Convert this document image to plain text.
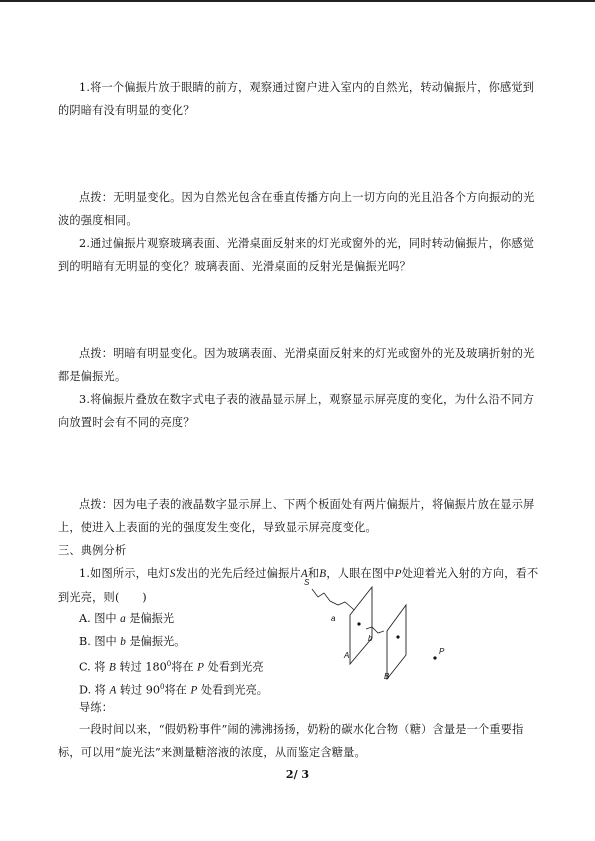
1.将一个偏振片放于眼睛的前方，观察通过窗户进入室内的自然光，转动偏振片，你感觉到的阴暗有没有明显的变化？
点拨：无明显变化。因为自然光包含在垂直传播方向上一切方向的光且沿各个方向振动的光波的强度相同。
2.通过偏振片观察玻璃表面、光滑桌面反射来的灯光或窗外的光，同时转动偏振片，你感觉到的明暗有无明显的变化？玻璃表面、光滑桌面的反射光是偏振光吗？
点拨：明暗有明显变化。因为玻璃表面、光滑桌面反射来的灯光或窗外的光及玻璃折射的光都是偏振光。
3.将偏振片叠放在数字式电子表的液晶显示屏上，观察显示屏亮度的变化，为什么沿不同方向放置时会有不同的亮度？
点拨：因为电子表的液晶数字显示屏上、下两个板面处有两片偏振片，将偏振片放在显示屏上，使进入上表面的光的强度发生变化，导致显示屏亮度变化。
三、典例分析
1.如图所示，电灯S发出的光先后经过偏振片A和B，人眼在图中P处迎着光入射的方向，看不到光亮，则(　　)
A. 图中 a 是偏振光
B. 图中 b 是偏振光。
C. 将 B 转过 $180^0$将在 P 处看到光亮
D. 将 A 转过 $90^0$将在 P 处看到光亮。
导练：
一段时间以来，“假奶粉事件”闹的沸沸扬扬，奶粉的碳水化合物（糖）含量是一个重要指标，可以用“旋光法”来测量糖溶液的浓度，从而鉴定含糖量。
S
a
b
A
B
P
2/ 3
